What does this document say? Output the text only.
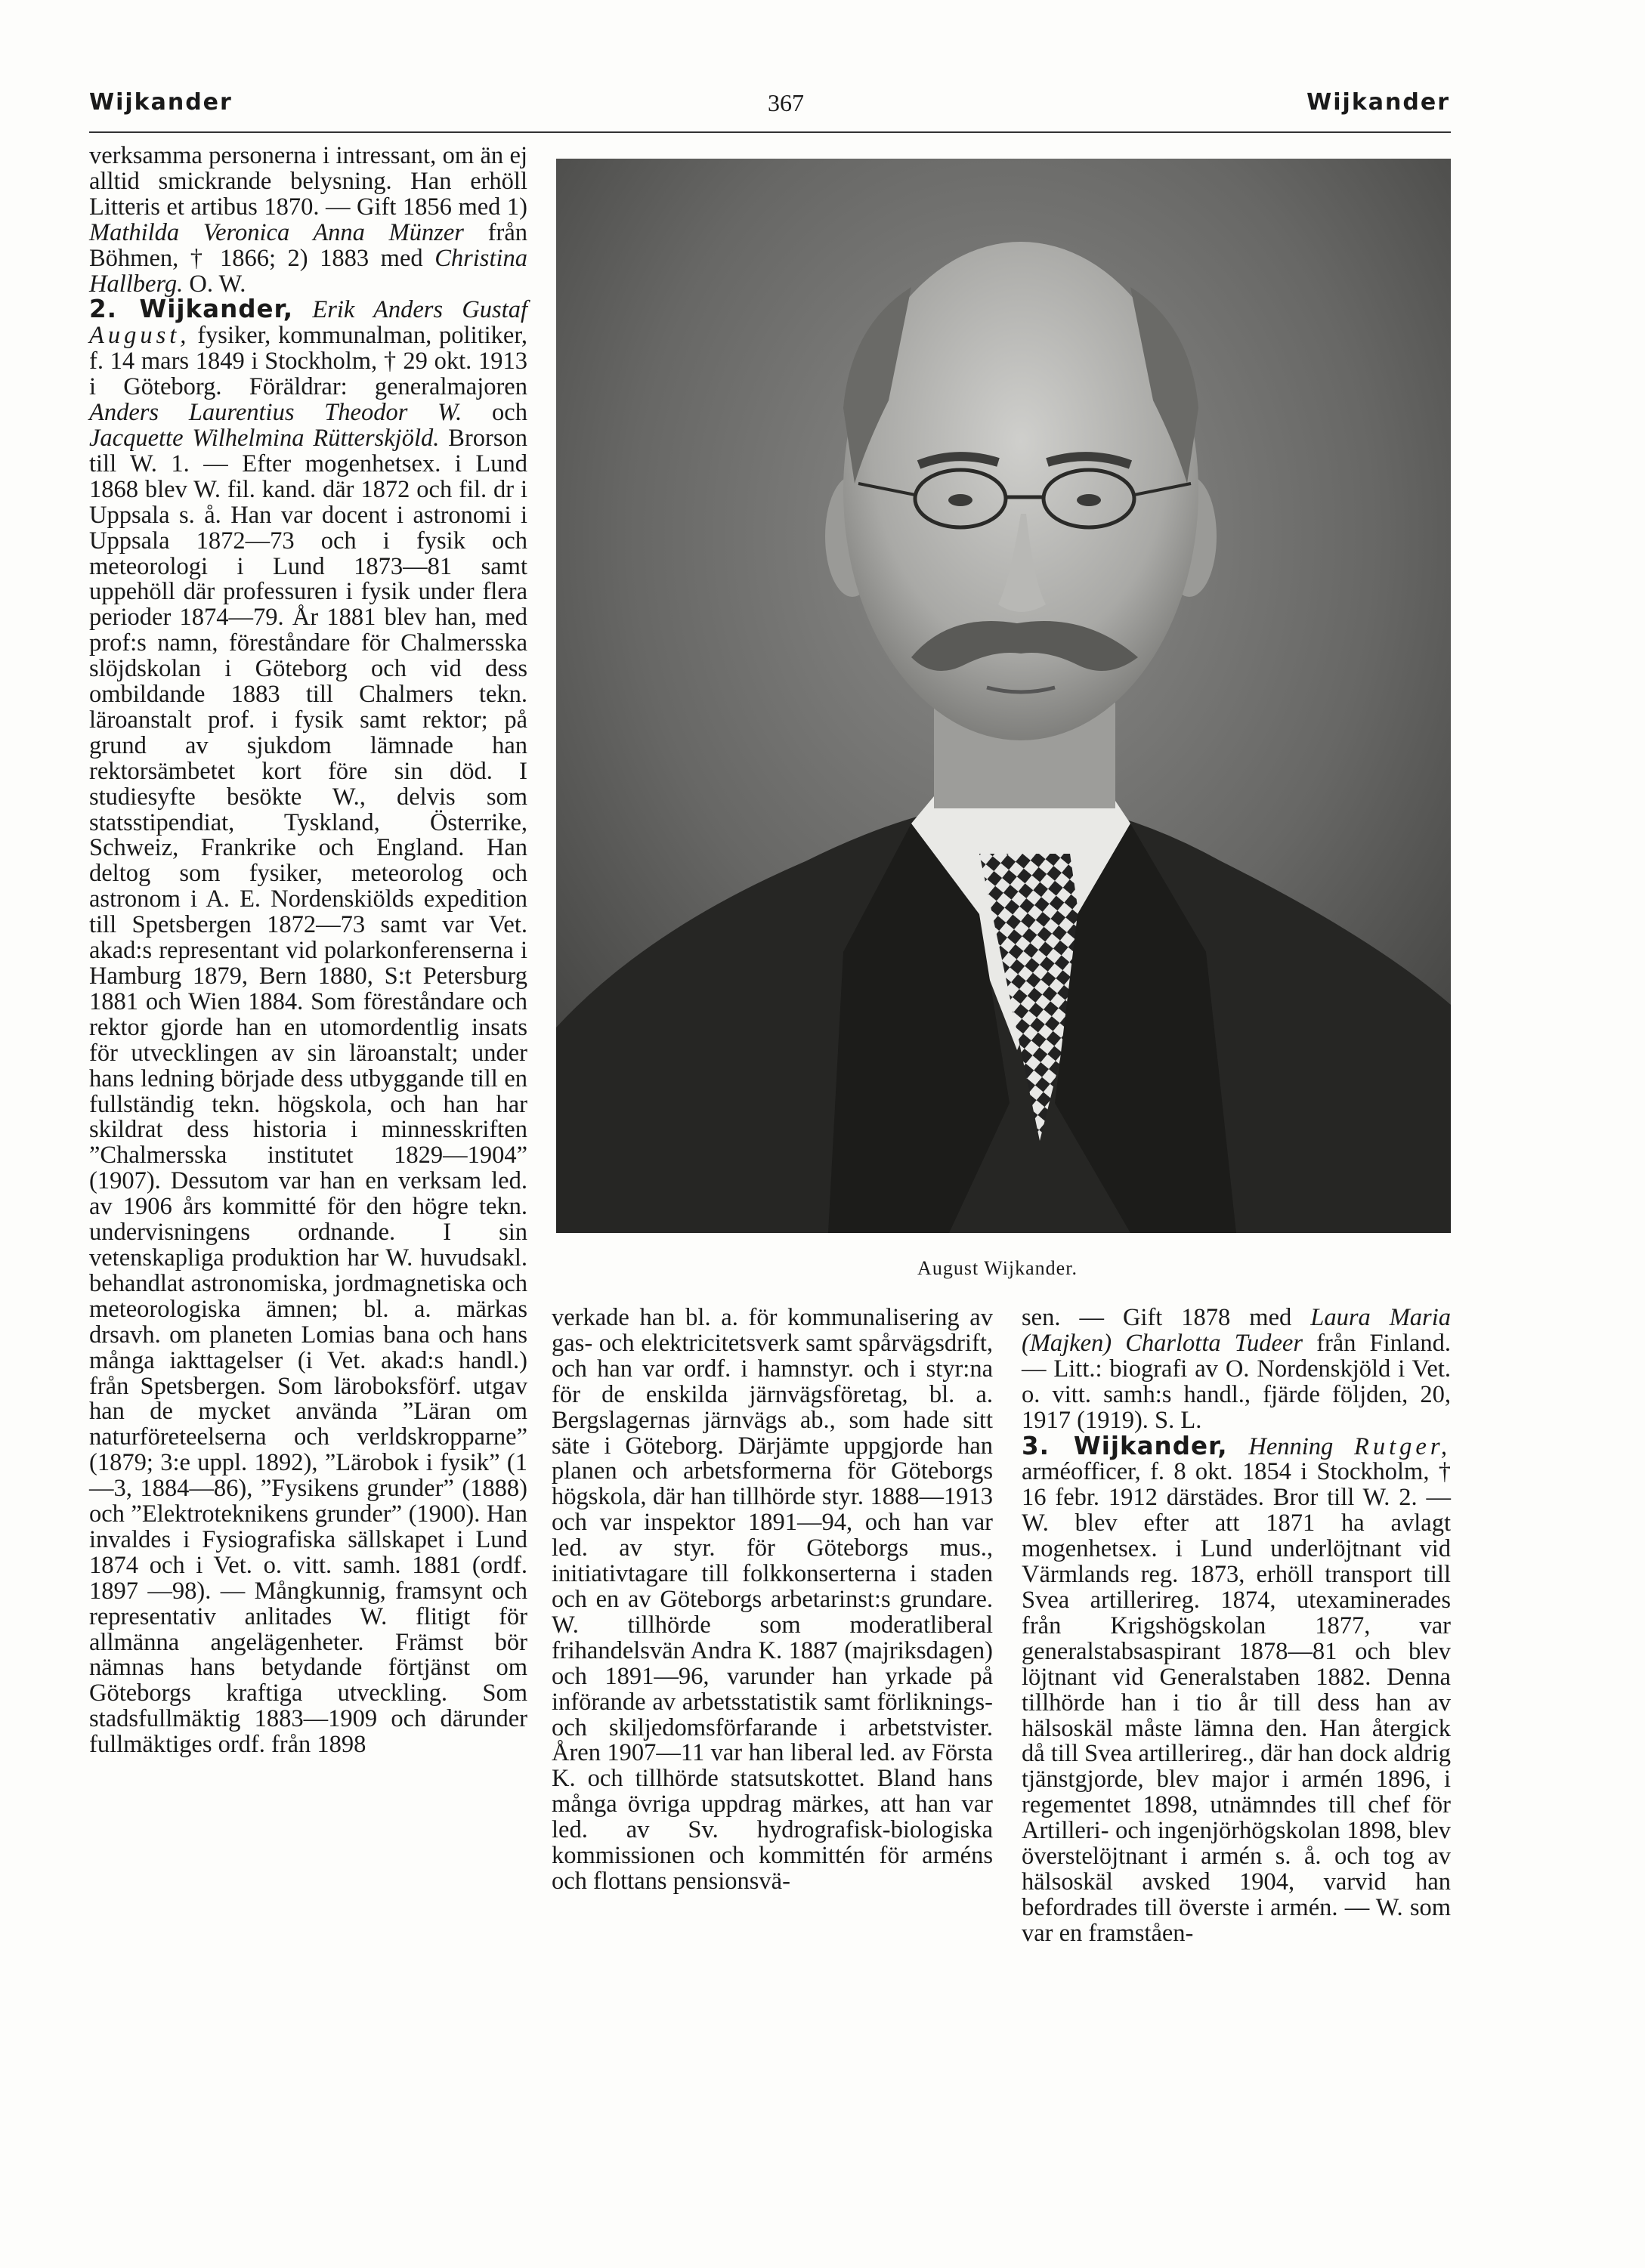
Wijkander	367	Wijkander

verksamma personerna i intressant, om än ej alltid smickrande belysning. Han erhöll Litteris et artibus 1870. — Gift 1856 med 1) Mathilda Veronica Anna Münzer från Böhmen, † 1866; 2) 1883 med Christina Hallberg. O. W.

2. Wijkander, Erik Anders Gustaf August, fysiker, kommunalman, politiker, f. 14 mars 1849 i Stockholm, † 29 okt. 1913 i Göteborg. Föräldrar: generalmajoren Anders Laurentius Theodor W. och Jacquette Wilhelmina Rütterskjöld. Brorson till W. 1. — Efter mogenhetsex. i Lund 1868 blev W. fil. kand. där 1872 och fil. dr i Uppsala s. å. Han var docent i astronomi i Uppsala 1872—73 och i fysik och meteorologi i Lund 1873—81 samt uppehöll där professuren i fysik under flera perioder 1874—79. År 1881 blev han, med prof:s namn, föreståndare för Chalmersska slöjdskolan i Göteborg och vid dess ombildande 1883 till Chalmers tekn. läroanstalt prof. i fysik samt rektor; på grund av sjukdom lämnade han rektorsämbetet kort före sin död. I studiesyfte besökte W., delvis som statsstipendiat, Tyskland, Österrike, Schweiz, Frankrike och England. Han deltog som fysiker, meteorolog och astronom i A. E. Nordenskiölds expedition till Spetsbergen 1872—73 samt var Vet. akad:s representant vid polarkonferenserna i Hamburg 1879, Bern 1880, S:t Petersburg 1881 och Wien 1884. Som föreståndare och rektor gjorde han en utomordentlig insats för utvecklingen av sin läroanstalt; under hans ledning började dess utbyggande till en fullständig tekn. högskola, och han har skildrat dess historia i minnesskriften ”Chalmersska institutet 1829—1904” (1907). Dessutom var han en verksam led. av 1906 års kommitté för den högre tekn. undervisningens ordnande. I sin vetenskapliga produktion har W. huvudsakl. behandlat astronomiska, jordmagnetiska och meteorologiska ämnen; bl. a. märkas drsavh. om planeten Lomias bana och hans många iakttagelser (i Vet. akad:s handl.) från Spetsbergen. Som läroboksförf. utgav han de mycket använda ”Läran om naturföreteelserna och verldskropparne” (1879; 3:e uppl. 1892), ”Lärobok i fysik” (1 —3, 1884—86), ”Fysikens grunder” (1888) och ”Elektroteknikens grunder” (1900). Han invaldes i Fysiografiska sällskapet i Lund 1874 och i Vet. o. vitt. samh. 1881 (ordf. 1897 —98). — Mångkunnig, framsynt och representativ anlitades W. flitigt för allmänna angelägenheter. Främst bör nämnas hans betydande förtjänst om Göteborgs kraftiga utveckling. Som stadsfullmäktig 1883—1909 och därunder fullmäktiges ordf. från 1898

August Wijkander.

verkade han bl. a. för kommunalisering av gas- och elektricitetsverk samt spårvägsdrift, och han var ordf. i hamnstyr. och i styr:na för de enskilda järnvägsföretag, bl. a. Bergslagernas järnvägs ab., som hade sitt säte i Göteborg. Därjämte uppgjorde han planen och arbetsformerna för Göteborgs högskola, där han tillhörde styr. 1888—1913 och var inspektor 1891—94, och han var led. av styr. för Göteborgs mus., initiativtagare till folkkonserterna i staden och en av Göteborgs arbetarinst:s grundare. W. tillhörde som moderatliberal frihandelsvän Andra K. 1887 (majriksdagen) och 1891—96, varunder han yrkade på införande av arbetsstatistik samt förliknings- och skiljedomsförfarande i arbetstvister. Åren 1907—11 var han liberal led. av Första K. och tillhörde statsutskottet. Bland hans många övriga uppdrag märkes, att han var led. av Sv. hydrografisk-biologiska kommissionen och kommittén för arméns och flottans pensionsvä-

sen. — Gift 1878 med Laura Maria (Majken) Charlotta Tudeer från Finland. — Litt.: biografi av O. Nordenskjöld i Vet. o. vitt. samh:s handl., fjärde följden, 20, 1917 (1919). S. L.

3. Wijkander, Henning Rutger, arméofficer, f. 8 okt. 1854 i Stockholm, † 16 febr. 1912 därstädes. Bror till W. 2. — W. blev efter att 1871 ha avlagt mogenhetsex. i Lund underlöjtnant vid Värmlands reg. 1873, erhöll transport till Svea artillerireg. 1874, utexaminerades från Krigshögskolan 1877, var generalstabsaspirant 1878—81 och blev löjtnant vid Generalstaben 1882. Denna tillhörde han i tio år till dess han av hälsoskäl måste lämna den. Han återgick då till Svea artillerireg., där han dock aldrig tjänstgjorde, blev major i armén 1896, i regementet 1898, utnämndes till chef för Artilleri- och ingenjörhögskolan 1898, blev överstelöjtnant i armén s. å. och tog av hälsoskäl avsked 1904, varvid han befordrades till överste i armén. — W. som var en framståen-
